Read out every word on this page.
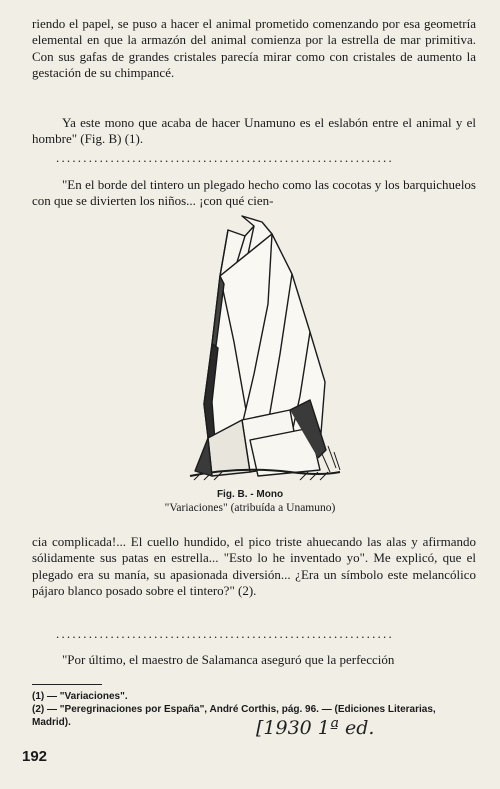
riendo el papel, se puso a hacer el animal prometido comenzando por esa geometría elemental en que la armazón del animal comienza por la estrella de mar primitiva. Con sus gafas de grandes cristales parecía mirar como con cristales de aumento la gestación de su chimpancé.

Ya este mono que acaba de hacer Unamuno es el eslabón entre el animal y el hombre" (Fig. B) (1).

..............................................................

"En el borde del tintero un plegado hecho como las cocotas y los barquichuelos con que se divierten los niños... ¡con qué cien-

Fig. B. - Mono
"Variaciones" (atribuída a Unamuno)

cia complicada!... El cuello hundido, el pico triste ahuecando las alas y afirmando sólidamente sus patas en estrella... "Esto lo he inventado yo". Me explicó, que el plegado era su manía, su apasionada diversión... ¿Era un símbolo este melancólico pájaro blanco posado sobre el tintero?" (2).

..............................................................

"Por último, el maestro de Salamanca aseguró que la perfección

(1) — "Variaciones".
(2) — "Peregrinaciones por España", André Corthis, pág. 96. — (Ediciones Literarias, Madrid).	[1930 1ª ed.
192
